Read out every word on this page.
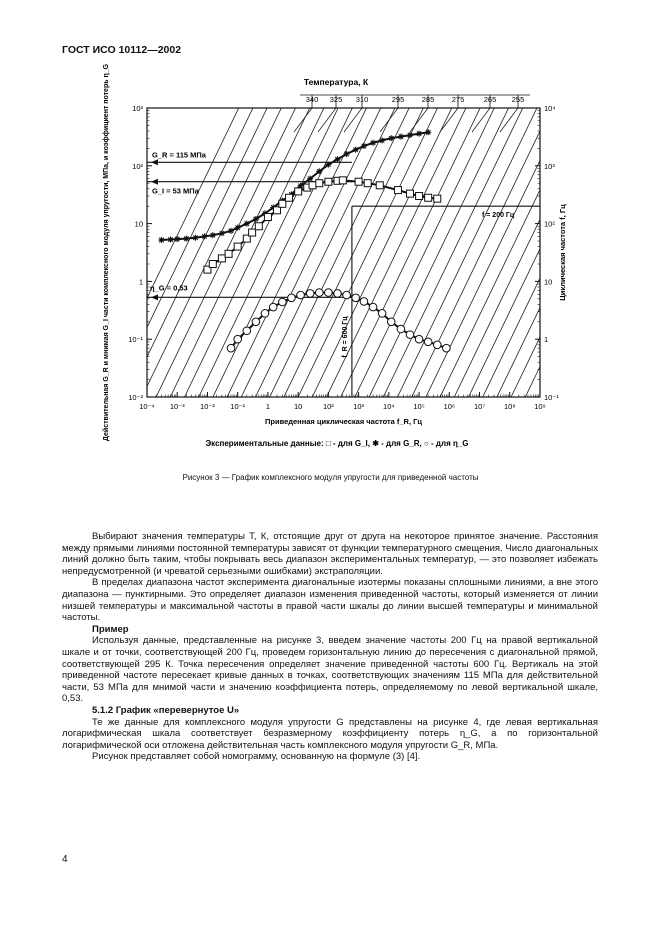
ГОСТ ИСО 10112—2002
10⁻⁴ 10⁻³ 10⁻² 10⁻¹	1	10	10²	10³	10⁴ 10⁵	10⁶	10⁷	10⁸ 10⁹
10³
10²
10
1
10⁻¹
10⁻²
10⁴
10³
10²
10
1
10⁻¹
Температура, К
340 325 310	295 285 275	265 255
Приведенная циклическая частота f_R, Гц
Действительная G_R и мнимая G_I части комплексного модуля упругости, МПа, и коэффициент потерь η_G	Циклическая частота f, Гц
Экспериментальные данные: □ - для G_I, ✱ - для G_R, ○ - для η_G
G_R = 115 МПа
G_I = 53 МПа
η_G = 0,53
f = 200 Гц
f_R = 600 Гц
Рисунок 3 — График комплексного модуля упругости для приведенной частоты

Выбирают значения температуры T, К, отстоящие друг от друга на некоторое принятое значение. Расстояния между прямыми линиями постоянной температуры зависят от функции температурного смещения. Число диагональных линий должно быть таким, чтобы покрывать весь диапазон экспериментальных температур, — это позволяет избежать непредусмотренной (и чреватой серьезными ошибками) экстраполяции.

В пределах диапазона частот эксперимента диагональные изотермы показаны сплошными линиями, а вне этого диапазона — пунктирными. Это определяет диапазон изменения приведенной частоты, который изменяется от линии низшей температуры и максимальной частоты в правой части шкалы до линии высшей температуры и минимальной частоты.

Пример

Используя данные, представленные на рисунке 3, введем значение частоты 200 Гц на правой вертикальной шкале и от точки, соответствующей 200 Гц, проведем горизонтальную линию до пересечения с диагональной прямой, соответствующей 295 К. Точка пересечения определяет значение приведенной частоты 600 Гц. Вертикаль на этой приведенной частоте пересекает кривые данных в точках, соответствующих значениям 115 МПа для действительной части, 53 МПа для мнимой части и значению коэффициента потерь, определяемому по левой вертикальной шкале, 0,53.

5.1.2 График «перевернутое U»

Те же данные для комплексного модуля упругости G представлены на рисунке 4, где левая вертикальная логарифмическая шкала соответствует безразмерному коэффициенту потерь η_G, а по горизонтальной логарифмической оси отложена действительная часть комплексного модуля упругости G_R, МПа.

Рисунок представляет собой номограмму, основанную на формуле (3) [4].

4
